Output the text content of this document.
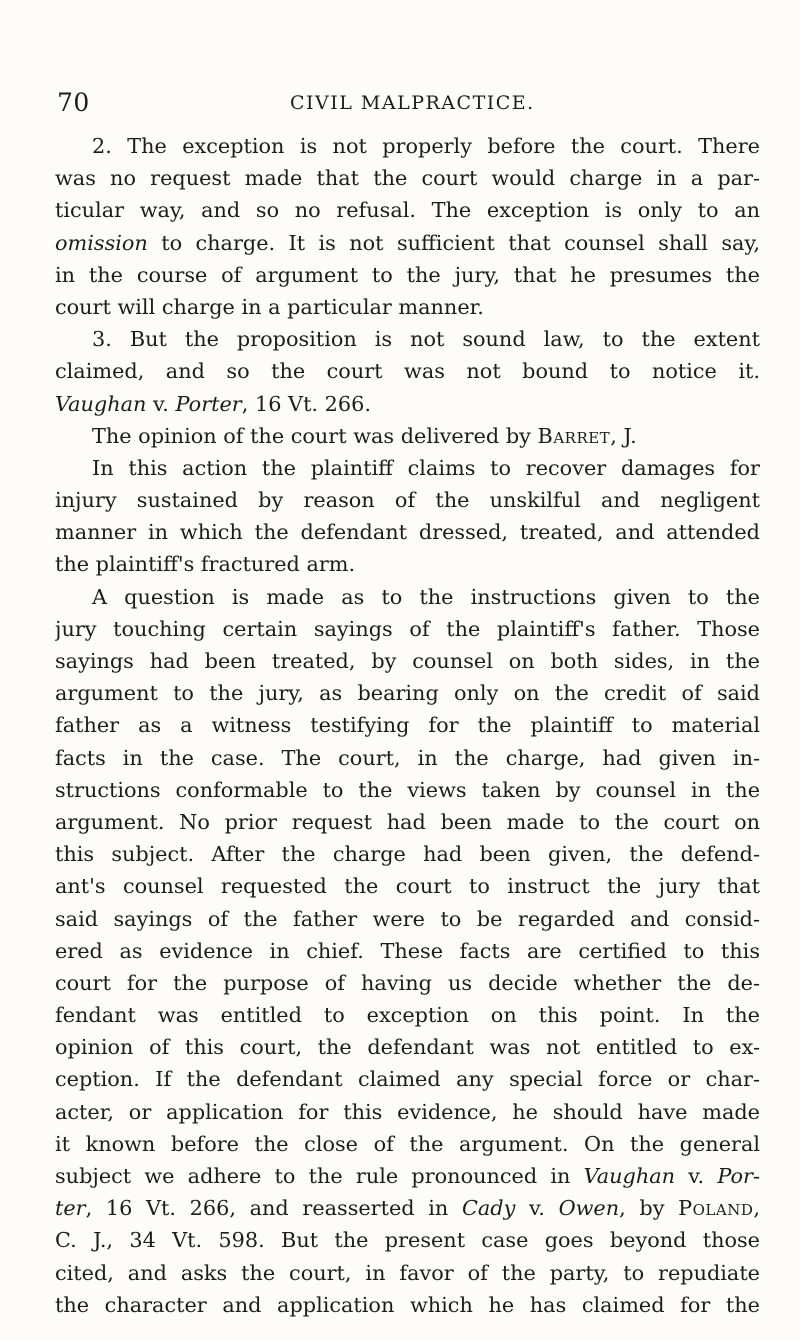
70	CIVIL MALPRACTICE.
2. The exception is not properly before the court. There
was no request made that the court would charge in a par-
ticular way, and so no refusal. The exception is only to an
omission to charge. It is not sufficient that counsel shall say,
in the course of argument to the jury, that he presumes the
court will charge in a particular manner.
3. But the proposition is not sound law, to the extent
claimed, and so the court was not bound to notice it.
Vaughan v. Porter, 16 Vt. 266.
The opinion of the court was delivered by Barret, J.
In this action the plaintiff claims to recover damages for
injury sustained by reason of the unskilful and negligent
manner in which the defendant dressed, treated, and attended
the plaintiff's fractured arm.
A question is made as to the instructions given to the
jury touching certain sayings of the plaintiff's father. Those
sayings had been treated, by counsel on both sides, in the
argument to the jury, as bearing only on the credit of said
father as a witness testifying for the plaintiff to material
facts in the case. The court, in the charge, had given in-
structions conformable to the views taken by counsel in the
argument. No prior request had been made to the court on
this subject. After the charge had been given, the defend-
ant's counsel requested the court to instruct the jury that
said sayings of the father were to be regarded and consid-
ered as evidence in chief. These facts are certified to this
court for the purpose of having us decide whether the de-
fendant was entitled to exception on this point. In the
opinion of this court, the defendant was not entitled to ex-
ception. If the defendant claimed any special force or char-
acter, or application for this evidence, he should have made
it known before the close of the argument. On the general
subject we adhere to the rule pronounced in Vaughan v. Por-
ter, 16 Vt. 266, and reasserted in Cady v. Owen, by Poland,
C. J., 34 Vt. 598. But the present case goes beyond those
cited, and asks the court, in favor of the party, to repudiate
the character and application which he has claimed for the
